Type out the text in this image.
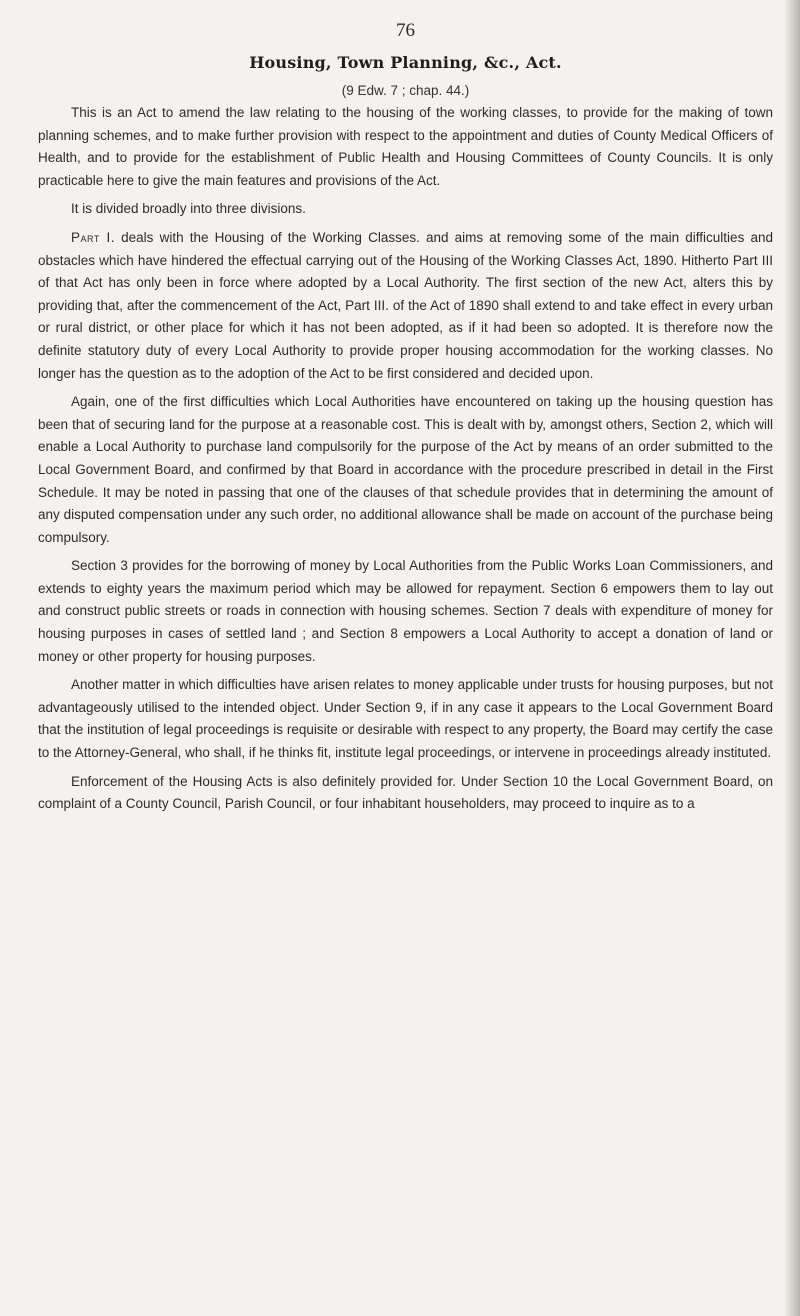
76
Housing, Town Planning, &c., Act.
(9 Edw. 7 ; chap. 44.)

This is an Act to amend the law relating to the housing of the working classes, to provide for the making of town planning schemes, and to make further provision with respect to the appointment and duties of County Medical Officers of Health, and to provide for the establishment of Public Health and Housing Committees of County Councils. It is only practicable here to give the main features and provisions of the Act.

It is divided broadly into three divisions.

Part I. deals with the Housing of the Working Classes. and aims at removing some of the main difficulties and obstacles which have hindered the effectual carrying out of the Housing of the Working Classes Act, 1890. Hitherto Part III of that Act has only been in force where adopted by a Local Authority. The first section of the new Act, alters this by providing that, after the commencement of the Act, Part III. of the Act of 1890 shall extend to and take effect in every urban or rural district, or other place for which it has not been adopted, as if it had been so adopted. It is therefore now the definite statutory duty of every Local Authority to provide proper housing accommodation for the working classes. No longer has the question as to the adoption of the Act to be first considered and decided upon.

Again, one of the first difficulties which Local Authorities have encountered on taking up the housing question has been that of securing land for the purpose at a reasonable cost. This is dealt with by, amongst others, Section 2, which will enable a Local Authority to purchase land compulsorily for the purpose of the Act by means of an order submitted to the Local Government Board, and confirmed by that Board in accordance with the procedure prescribed in detail in the First Schedule. It may be noted in passing that one of the clauses of that schedule provides that in determining the amount of any disputed compensation under any such order, no additional allowance shall be made on account of the purchase being compulsory.

Section 3 provides for the borrowing of money by Local Authorities from the Public Works Loan Commissioners, and extends to eighty years the maximum period which may be allowed for repayment. Section 6 empowers them to lay out and construct public streets or roads in connection with housing schemes. Section 7 deals with expenditure of money for housing purposes in cases of settled land ; and Section 8 empowers a Local Authority to accept a donation of land or money or other property for housing purposes.

Another matter in which difficulties have arisen relates to money applicable under trusts for housing purposes, but not advantageously utilised to the intended object. Under Section 9, if in any case it appears to the Local Government Board that the institution of legal proceedings is requisite or desirable with respect to any property, the Board may certify the case to the Attorney-General, who shall, if he thinks fit, institute legal proceedings, or intervene in proceedings already instituted.

Enforcement of the Housing Acts is also definitely provided for. Under Section 10 the Local Government Board, on complaint of a County Council, Parish Council, or four inhabitant householders, may proceed to inquire as to a
